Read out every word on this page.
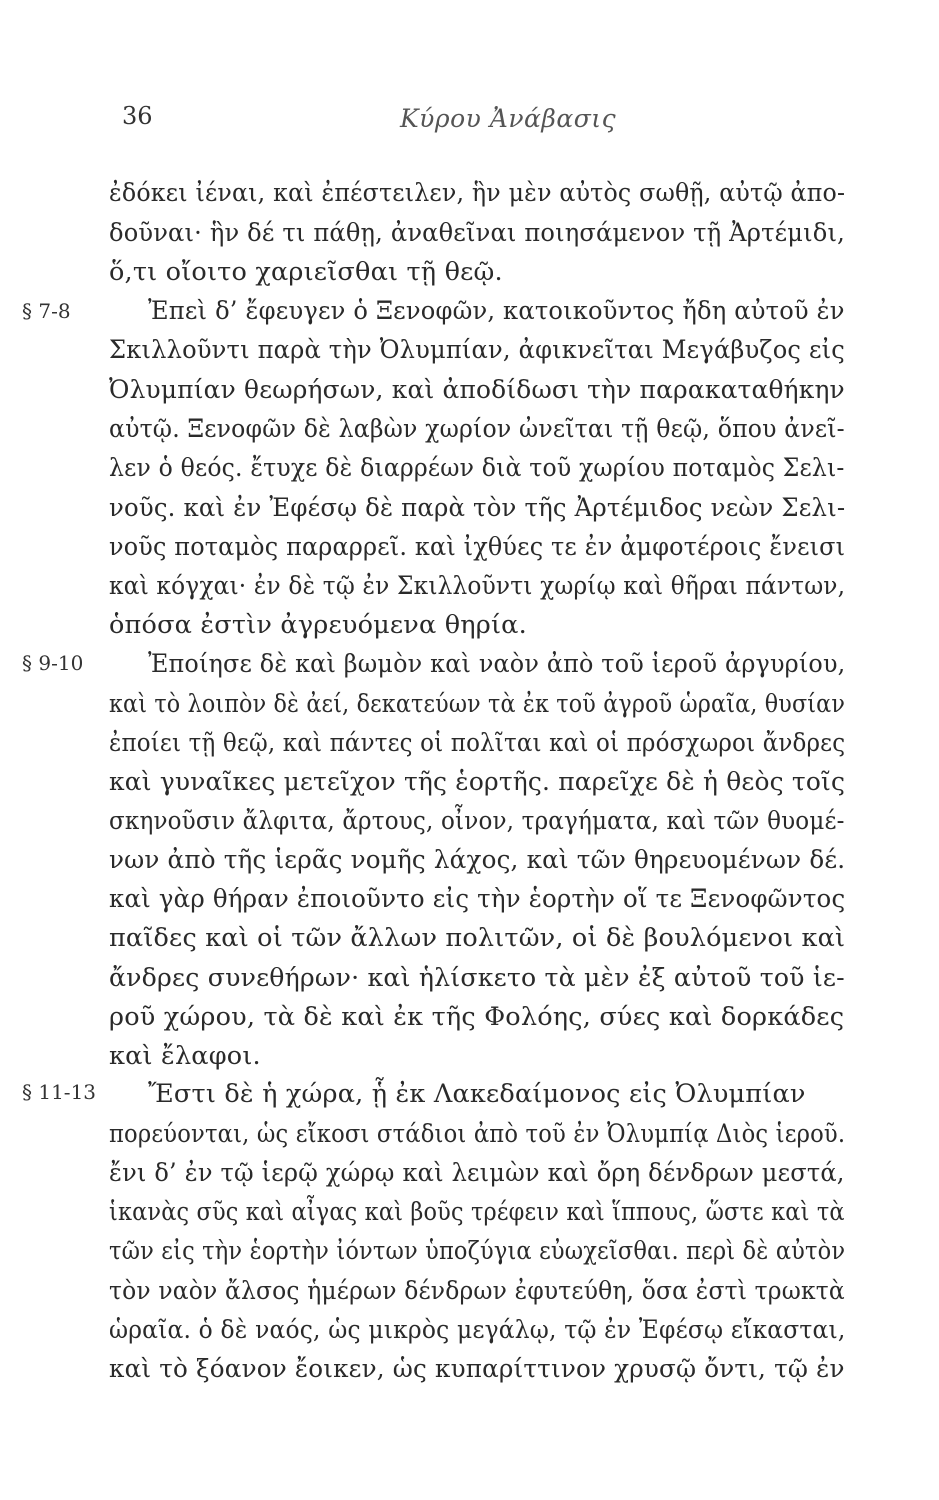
36	Κύρου Ἀνάβασις
§ 7-8
§ 9-10
§ 11-13
ἐδόκει ἰέναι, καὶ ἐπέστειλεν, ἣν μὲν αὐτὸς σωθῇ, αὐτῷ ἀπο-
δοῦναι· ἣν δέ τι πάθῃ, ἀναθεῖναι ποιησάμενον τῇ Ἀρτέμιδι,
ὅ,τι οἴοιτο χαριεῖσθαι τῇ θεῷ.
Ἐπεὶ δ’ ἔφευγεν ὁ Ξενοφῶν, κατοικοῦντος ἤδη αὐτοῦ ἐν
Σκιλλοῦντι παρὰ τὴν Ὀλυμπίαν, ἀφικνεῖται Μεγάβυζος εἰς
Ὀλυμπίαν θεωρήσων, καὶ ἀποδίδωσι τὴν παρακαταθήκην
αὐτῷ. Ξενοφῶν δὲ λαβὼν χωρίον ὠνεῖται τῇ θεῷ, ὅπου ἀνεῖ-
λεν ὁ θεός. ἔτυχε δὲ διαρρέων διὰ τοῦ χωρίου ποταμὸς Σελι-
νοῦς. καὶ ἐν Ἐφέσῳ δὲ παρὰ τὸν τῆς Ἀρτέμιδος νεὼν Σελι-
νοῦς ποταμὸς παραρρεῖ. καὶ ἰχθύες τε ἐν ἀμφοτέροις ἔνεισι
καὶ κόγχαι· ἐν δὲ τῷ ἐν Σκιλλοῦντι χωρίῳ καὶ θῆραι πάντων,
ὁπόσα ἐστὶν ἀγρευόμενα θηρία.
Ἐποίησε δὲ καὶ βωμὸν καὶ ναὸν ἀπὸ τοῦ ἱεροῦ ἀργυρίου,
καὶ τὸ λοιπὸν δὲ ἀεί, δεκατεύων τὰ ἐκ τοῦ ἀγροῦ ὡραῖα, θυσίαν
ἐποίει τῇ θεῷ, καὶ πάντες οἱ πολῖται καὶ οἱ πρόσχωροι ἄνδρες
καὶ γυναῖκες μετεῖχον τῆς ἑορτῆς. παρεῖχε δὲ ἡ θεὸς τοῖς
σκηνοῦσιν ἄλφιτα, ἄρτους, οἶνον, τραγήματα, καὶ τῶν θυομέ-
νων ἀπὸ τῆς ἱερᾶς νομῆς λάχος, καὶ τῶν θηρευομένων δέ.
καὶ γὰρ θήραν ἐποιοῦντο εἰς τὴν ἑορτὴν οἵ τε Ξενοφῶντος
παῖδες καὶ οἱ τῶν ἄλλων πολιτῶν, οἱ δὲ βουλόμενοι καὶ
ἄνδρες συνεθήρων· καὶ ἡλίσκετο τὰ μὲν ἐξ αὐτοῦ τοῦ ἱε-
ροῦ χώρου, τὰ δὲ καὶ ἐκ τῆς Φολόης, σύες καὶ δορκάδες
καὶ ἔλαφοι.
Ἔστι δὲ ἡ χώρα, ᾗ ἐκ Λακεδαίμονος εἰς Ὀλυμπίαν
πορεύονται, ὡς εἴκοσι στάδιοι ἀπὸ τοῦ ἐν Ὀλυμπίᾳ Διὸς ἱεροῦ.
ἔνι δ’ ἐν τῷ ἱερῷ χώρῳ καὶ λειμὼν καὶ ὄρη δένδρων μεστά,
ἱκανὰς σῦς καὶ αἶγας καὶ βοῦς τρέφειν καὶ ἵππους, ὥστε καὶ τὰ
τῶν εἰς τὴν ἑορτὴν ἰόντων ὑποζύγια εὐωχεῖσθαι. περὶ δὲ αὐτὸν
τὸν ναὸν ἄλσος ἡμέρων δένδρων ἐφυτεύθη, ὅσα ἐστὶ τρωκτὰ
ὡραῖα. ὁ δὲ ναός, ὡς μικρὸς μεγάλῳ, τῷ ἐν Ἐφέσῳ εἴκασται,
καὶ τὸ ξόανον ἔοικεν, ὡς κυπαρίττινον χρυσῷ ὄντι, τῷ ἐν
